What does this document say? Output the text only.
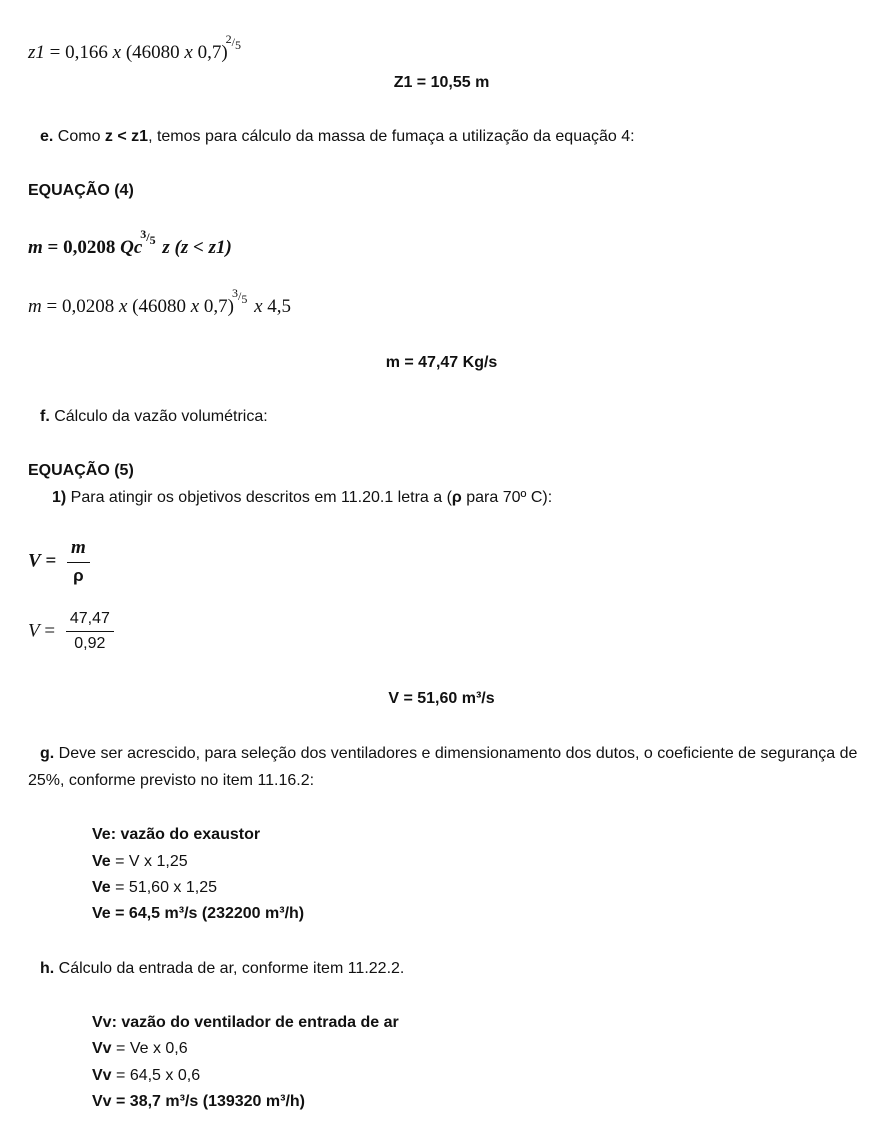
z1 = 0,166 x (46080 x 0,7)2/5
Z1 = 10,55 m
e. Como z < z1, temos para cálculo da massa de fumaça a utilização da equação 4:
EQUAÇÃO (4)
m = 0,0208 Qc3/5 z (z < z1)
m = 0,0208 x (46080 x 0,7)3/5 x 4,5
m = 47,47 Kg/s
f. Cálculo da vazão volumétrica:
EQUAÇÃO (5)
1) Para atingir os objetivos descritos em 11.20.1 letra a (ρ para 70º C):
$V = \frac{m}{\rho}$
$V = \frac{47,47}{0,92}$
V = 51,60 m³/s
g. Deve ser acrescido, para seleção dos ventiladores e dimensionamento dos dutos, o coeficiente de segurança de
25%, conforme previsto no item 11.16.2:
Ve: vazão do exaustor
Ve = V x 1,25
Ve = 51,60 x 1,25
Ve = 64,5 m³/s (232200 m³/h)
h. Cálculo da entrada de ar, conforme item 11.22.2.
Vv: vazão do ventilador de entrada de ar
Vv = Ve x 0,6
Vv = 64,5 x 0,6
Vv = 38,7 m³/s (139320 m³/h)
